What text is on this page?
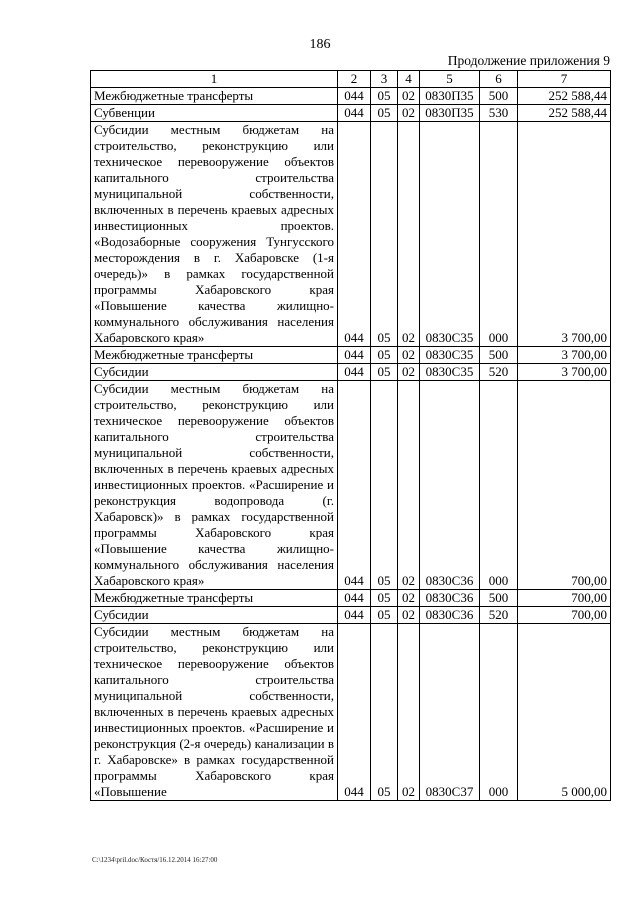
186
Продолжение приложения 9
1	2	3	4	5	6	7
Межбюджетные трансферты	044	05	02	0830П35	500	252 588,44
Субвенции	044	05	02	0830П35	530	252 588,44
Субсидии местным бюджетам на строительство, реконструкцию или техническое перевооружение объектов капитального строительства муниципальной собственности, включенных в перечень краевых адресных инвестиционных проектов. «Водозаборные сооружения Тунгусского месторождения в г. Хабаровске (1-я очередь)» в рамках государственной программы Хабаровского края «Повышение качества жилищно-коммунального обслуживания населения Хабаровского края»	044	05	02	0830С35	000	3 700,00
Межбюджетные трансферты	044	05	02	0830С35	500	3 700,00
Субсидии	044	05	02	0830С35	520	3 700,00
Субсидии местным бюджетам на строительство, реконструкцию или техническое перевооружение объектов капитального строительства муниципальной собственности, включенных в перечень краевых адресных инвестиционных проектов. «Расширение и реконструкция водопровода (г. Хабаровск)» в рамках государственной программы Хабаровского края «Повышение качества жилищно-коммунального обслуживания населения Хабаровского края»	044	05	02	0830С36	000	700,00
Межбюджетные трансферты	044	05	02	0830С36	500	700,00
Субсидии	044	05	02	0830С36	520	700,00
Субсидии местным бюджетам на строительство, реконструкцию или техническое перевооружение объектов капитального строительства муниципальной собственности, включенных в перечень краевых адресных инвестиционных проектов. «Расширение и реконструкция (2-я очередь) канализации в г. Хабаровске» в рамках государственной программы Хабаровского края «Повышение	044	05	02	0830С37	000	5 000,00
C:\1234\pril.doc/Костя/16.12.2014 16:27:00
